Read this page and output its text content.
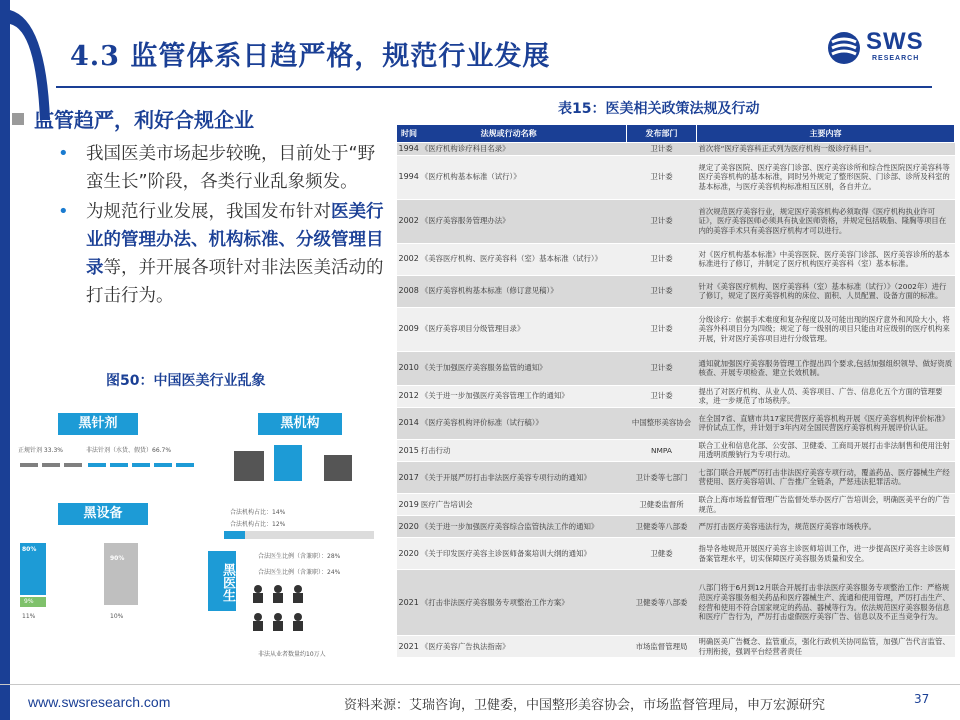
4.3 监管体系日趋严格，规范行业发展	SWS
RESEARCH
监管趋严，利好合规企业
• 我国医美市场起步较晚，目前处于“野蛮生长”阶段，各类行业乱象频发。
• 为规范行业发展，我国发布针对医美行业的管理办法、机构标准、分级管理目录等，并开展各项针对非法医美活动的打击行为。
图50：中国医美行业乱象
黑针剂
正规针剂 33.3%	非法针剂（水货、假货）66.7%
黑机构
合法机构占比：14%
合法机构占比：12%
黑设备
80%
9%
11%
90%
10%
黑医生
合法医生比例（含兼职）：28%
合法医生比例（含兼职）：24%
非法从业者数量约10万人
表15：医美相关政策法规及行动
时间 法规或行动名称	发布部门	主要内容
1994 《医疗机构诊疗科目名录》	卫计委	首次将“医疗美容科正式列为医疗机构一级诊疗科目”。
1994 《医疗机构基本标准（试行）》	卫计委	规定了美容医院、医疗美容门诊部、医疗美容诊所和综合性医院医疗美容科等医疗美容机构的基本标准，同时另外规定了整形医院、门诊部、诊所及科室的基本标准，与医疗美容机构标准相互区别，各自并立。
2002 《医疗美容服务管理办法》	卫计委	首次规范医疗美容行业，规定医疗美容机构必须取得《医疗机构执业许可证》，医疗美容医师必须具有执业医师资格，并规定包括吸脂、隆胸等项目在内的美容手术只有美容医疗机构才可以进行。
2002 《美容医疗机构、医疗美容科（室）基本标准（试行）》	卫计委	对《医疗机构基本标准》中美容医院、医疗美容门诊部、医疗美容诊所的基本标准进行了修订，并制定了医疗机构医疗美容科（室）基本标准。
2008 《医疗美容机构基本标准（修订意见稿）》	卫计委	针对《美容医疗机构、医疗美容科（室）基本标准（试行）》（2002年）进行了修订，规定了医疗美容机构的床位、面积、人员配置、设备方面的标准。
2009 《医疗美容项目分级管理目录》	卫计委	分级诊疗：依据手术难度和复杂程度以及可能出现的医疗意外和风险大小，将美容外科项目分为四级；规定了每一级别的项目只能由对应级别的医疗机构来开展，针对医疗美容项目进行分级管理。
2010 《关于加强医疗美容服务监管的通知》	卫计委	通知就加强医疗美容服务管理工作提出四个要求,包括加强组织领导、做好资质核查、开展专项检查、建立长效机制。
2012 《关于进一步加强医疗美容管理工作的通知》	卫计委	提出了对医疗机构、从业人员、美容项目、广告、信息化五个方面的管理要求，进一步规范了市场秩序。
2014 《医疗美容机构评价标准（试行稿）》	中国整形美容协会	在全国7省、直辖市共17家民营医疗美容机构开展《医疗美容机构评价标准》评价试点工作，并计划于3年内对全国民营医疗美容机构开展评价认证。
2015 打击行动	NMPA	联合工业和信息化部、公安部、卫健委、工商局开展打击非法制售和使用注射用透明质酸钠行为专项行动。
2017 《关于开展严厉打击非法医疗美容专项行动的通知》	卫计委等七部门	七部门联合开展严厉打击非法医疗美容专项行动，覆盖药品、医疗器械生产经营使用、医疗美容培训、广告推广全链条，严惩违法犯罪活动。
2019 医疗广告培训会	卫健委监督所	联合上海市场监督管理广告监督处举办医疗广告培训会，明确医美平台的广告规范。
2020 《关于进一步加强医疗美容综合监管执法工作的通知》	卫健委等八部委	严厉打击医疗美容违法行为，规范医疗美容市场秩序。
2020 《关于印发医疗美容主诊医师备案培训大纲的通知》	卫健委	指导各地规范开展医疗美容主诊医师培训工作，进一步提高医疗美容主诊医师备案管理水平，切实保障医疗美容服务质量和安全。
2021 《打击非法医疗美容服务专项整治工作方案》	卫健委等八部委	八部门将于6月到12月联合开展打击非法医疗美容服务专项整治工作：严格规范医疗美容服务相关药品和医疗器械生产、流通和使用管理，严厉打击生产、经营和使用不符合国家规定的药品、器械等行为。依法规范医疗美容服务信息和医疗广告行为，严厉打击虚假医疗美容广告、信息以及不正当竞争行为。
2021 《医疗美容广告执法指南》	市场监督管理局	明确医美广告概念、监管重点，强化行政机关协同监管，加强广告代言监管、行刑衔接，强调平台经营者责任
www.swsresearch.com	资料来源：艾瑞咨询，卫健委，中国整形美容协会，市场监督管理局，申万宏源研究	37
